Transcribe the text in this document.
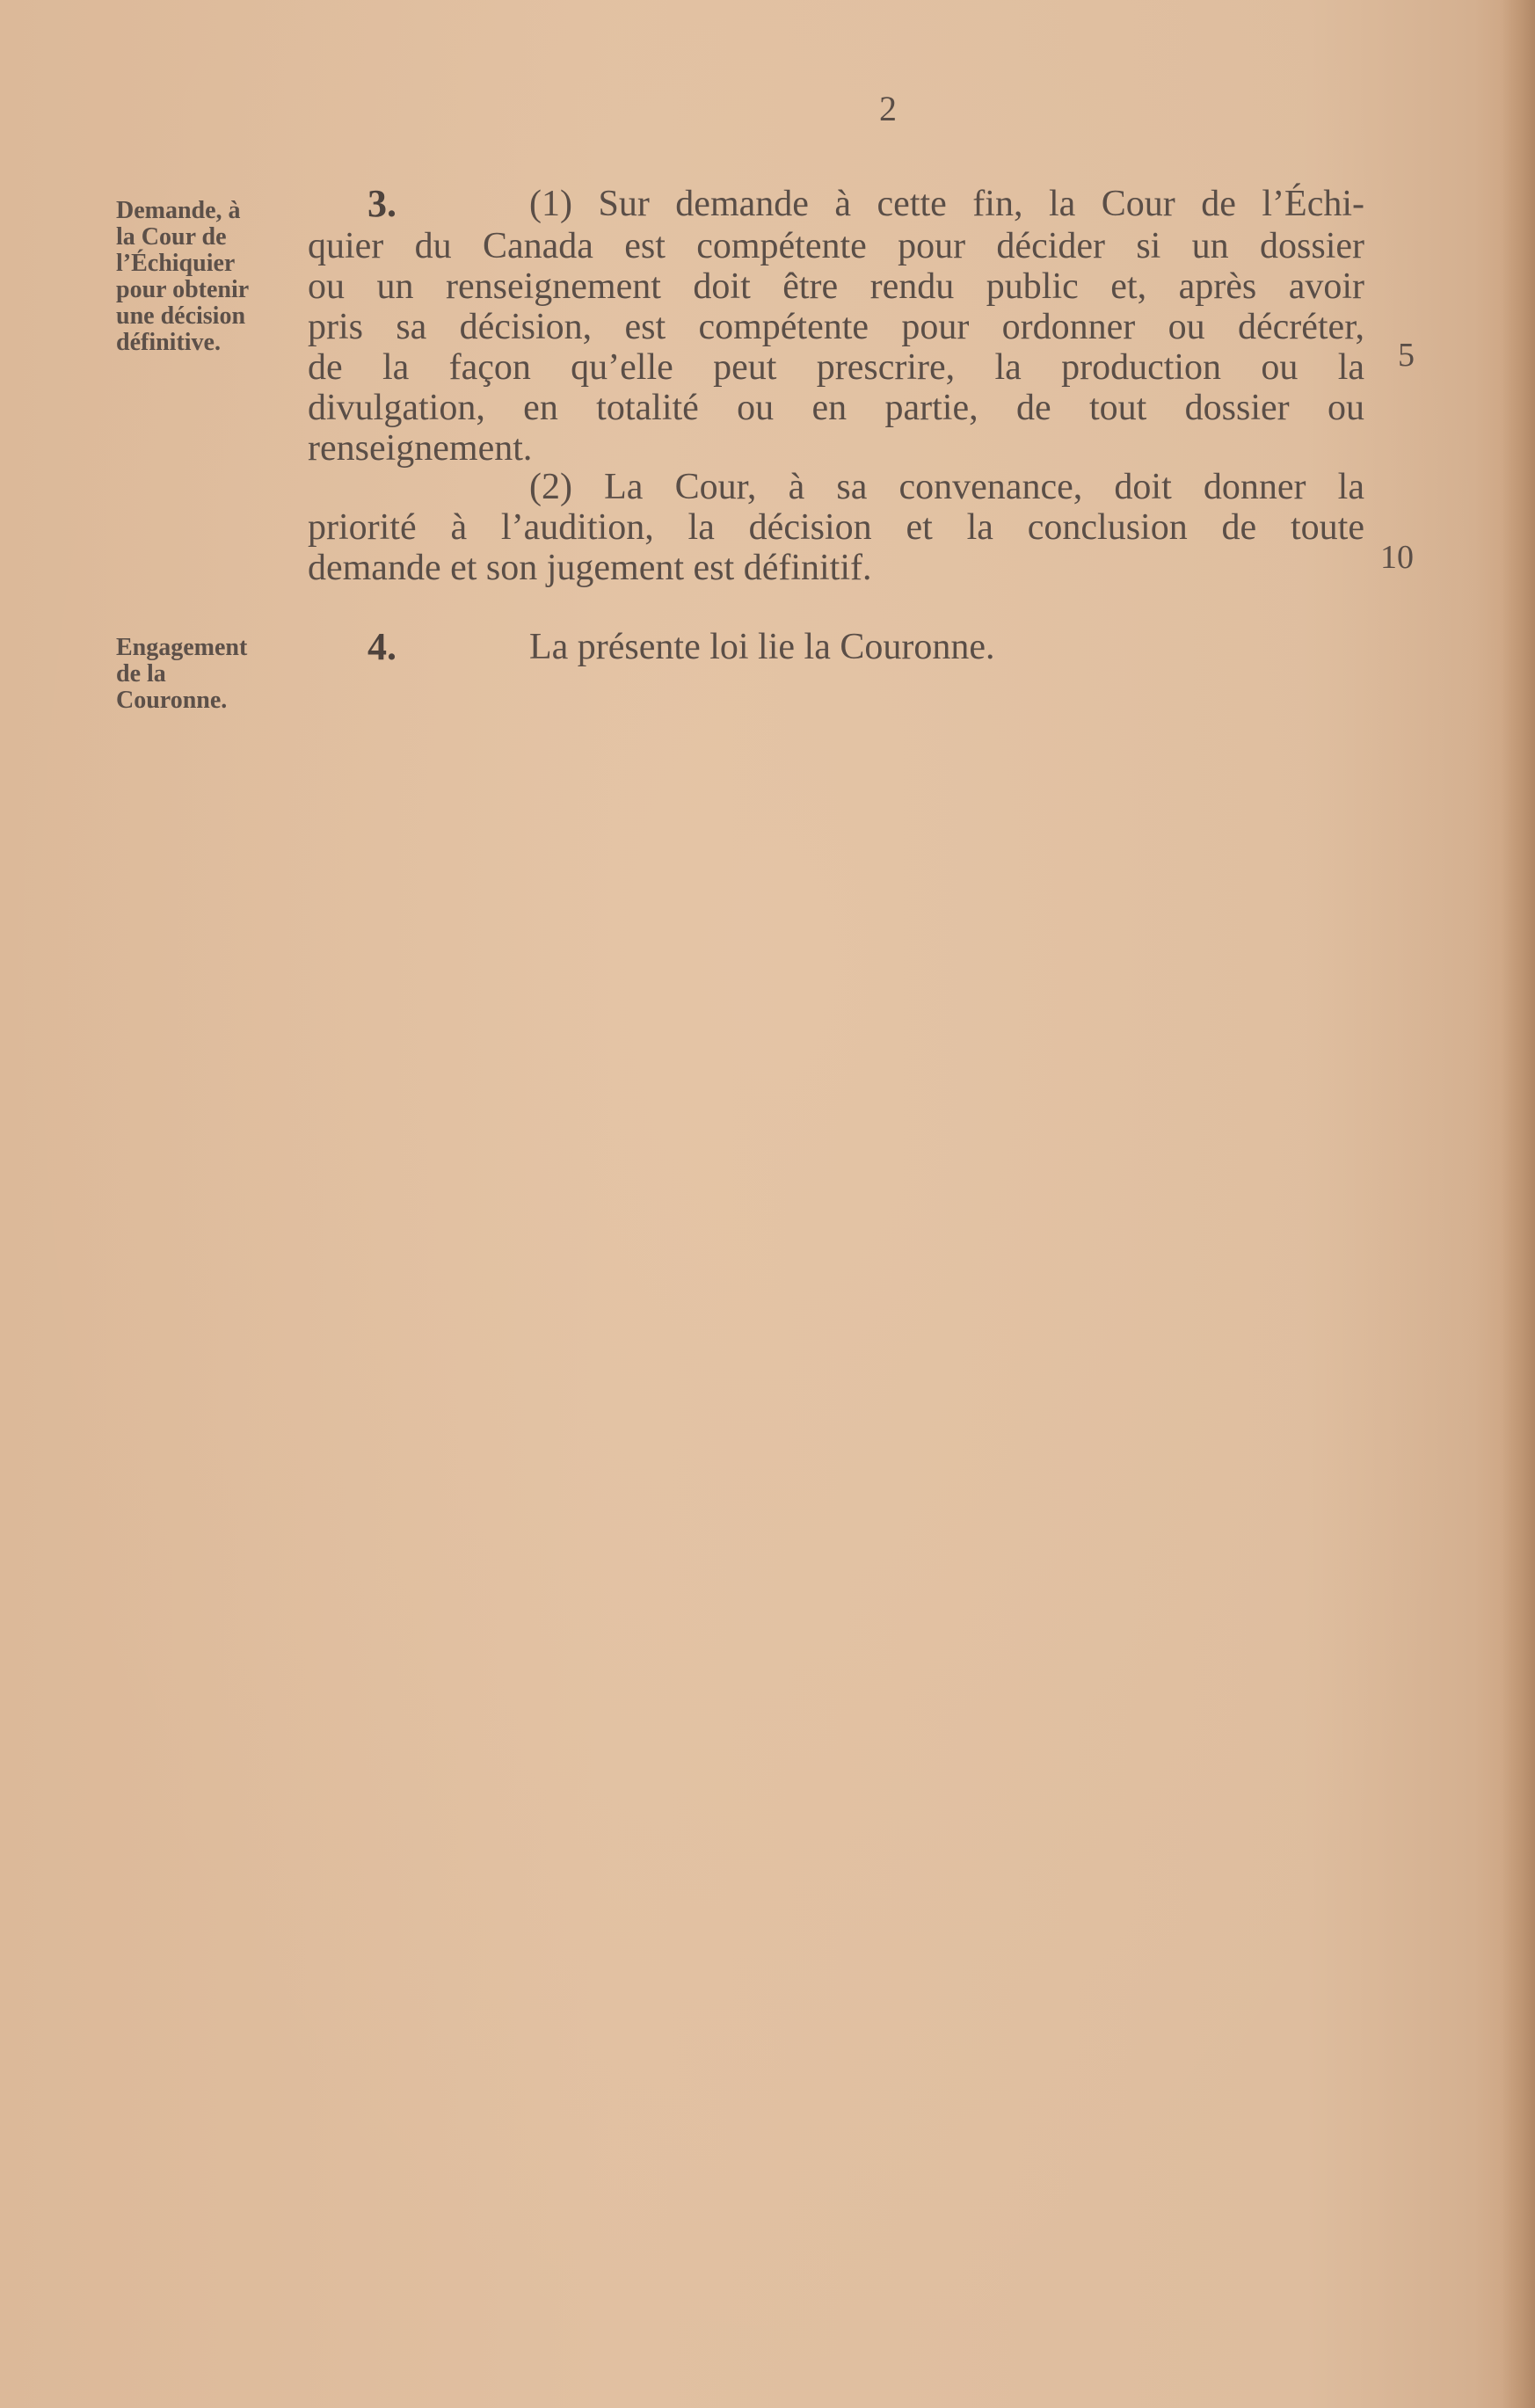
2
Demande, à
la Cour de
l’Échiquier
pour obtenir
une décision
définitive.
3.	(1) Sur demande à cette fin, la Cour de l’Échi-
quier du Canada est compétente pour décider si un dossier
ou un renseignement doit être rendu public et, après avoir
pris sa décision, est compétente pour ordonner ou décréter,
de la façon qu’elle peut prescrire, la production ou la
divulgation, en totalité ou en partie, de tout dossier ou
renseignement.
(2) La Cour, à sa convenance, doit donner la
priorité à l’audition, la décision et la conclusion de toute
demande et son jugement est définitif.
5
10
Engagement
de la
Couronne.
4.	La présente loi lie la Couronne.
